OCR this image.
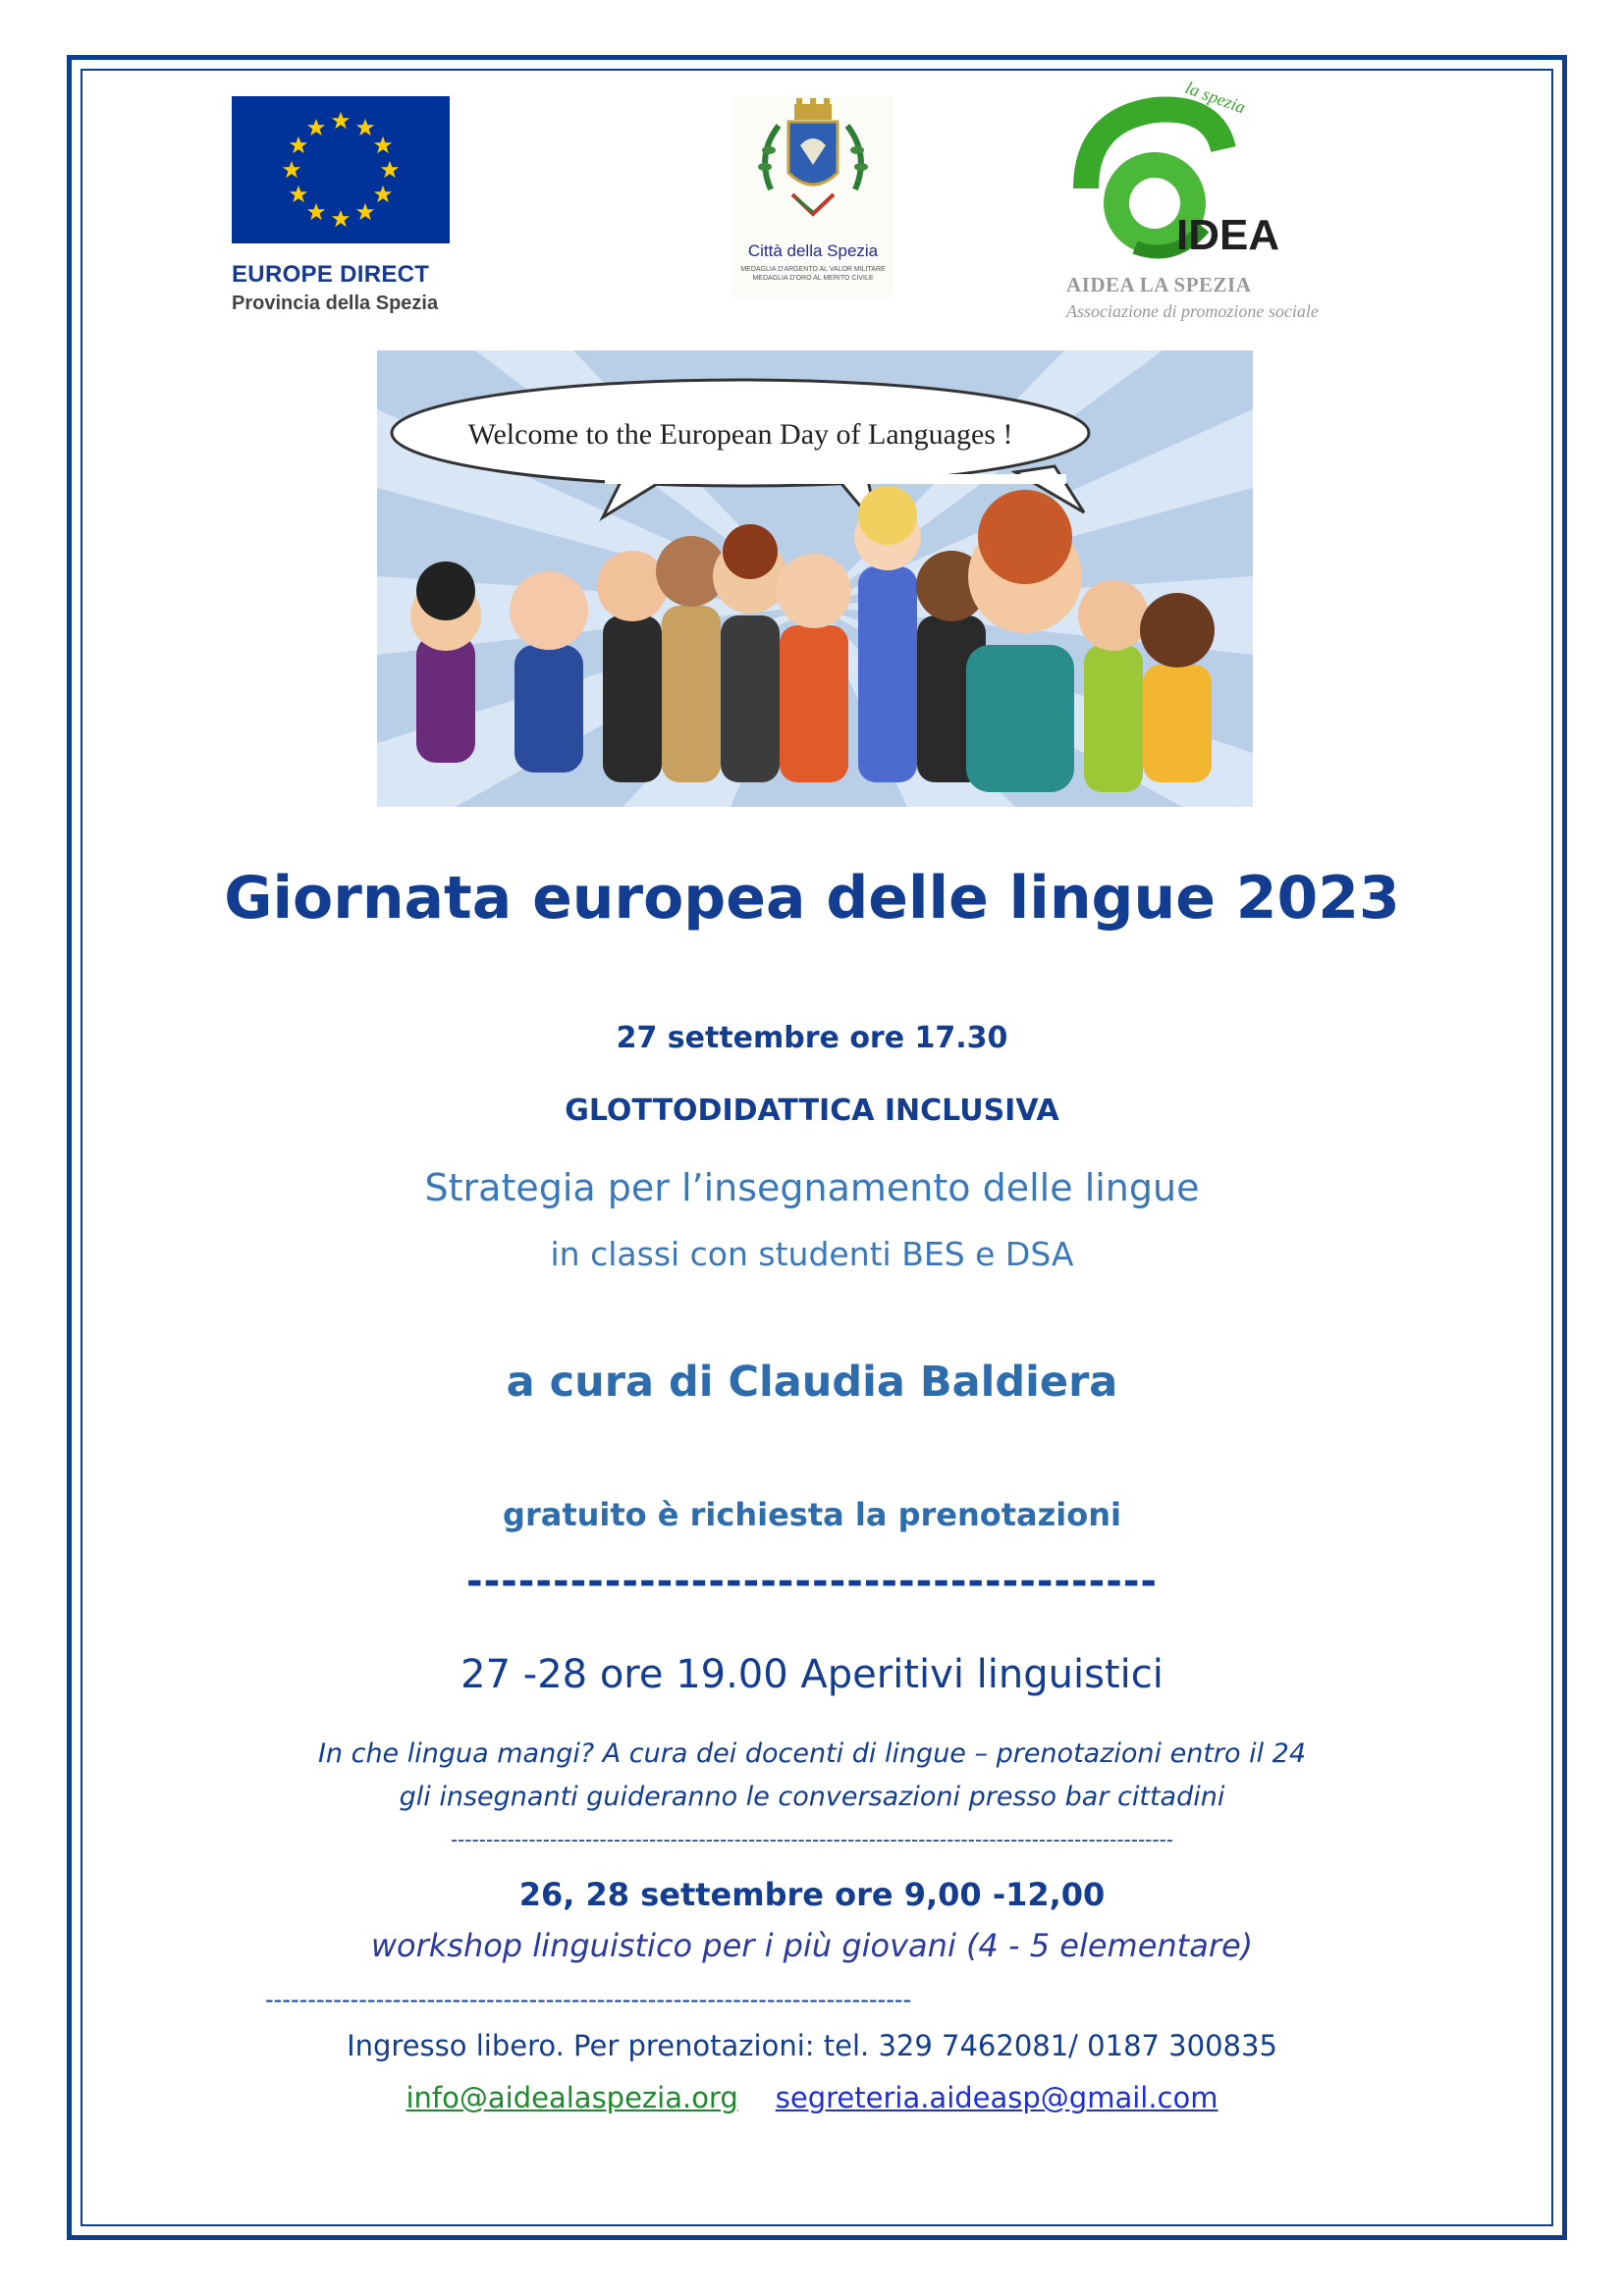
EUROPE DIRECT
Provincia della Spezia
Città della Spezia
MEDAGLIA D'ARGENTO AL VALOR MILITARE MEDAGLIA D'ORO AL MERITO CIVILE
la spezia
IDEA
AIDEA LA SPEZIA
Associazione di promozione sociale
Welcome to the European Day of Languages !
Giornata europea delle lingue 2023
27 settembre ore 17.30
GLOTTODIDATTICA INCLUSIVA
Strategia per l’insegnamento delle lingue
in classi con studenti BES e DSA
a cura di Claudia Baldiera
gratuito è richiesta la prenotazioni
----------------------------------------
27 -28 ore 19.00 Aperitivi linguistici
In che lingua mangi? A cura dei docenti di lingue – prenotazioni entro il 24
gli insegnanti guideranno le conversazioni presso bar cittadini
------------------------------------------------------------------------------------------------------
26, 28 settembre ore 9,00 -12,00
workshop linguistico per i più giovani (4 - 5 elementare)
----------------------------------------------------------------------------
Ingresso libero. Per prenotazioni: tel. 329 7462081/ 0187 300835
info@aidealaspezia.org segreteria.aideasp@gmail.com
